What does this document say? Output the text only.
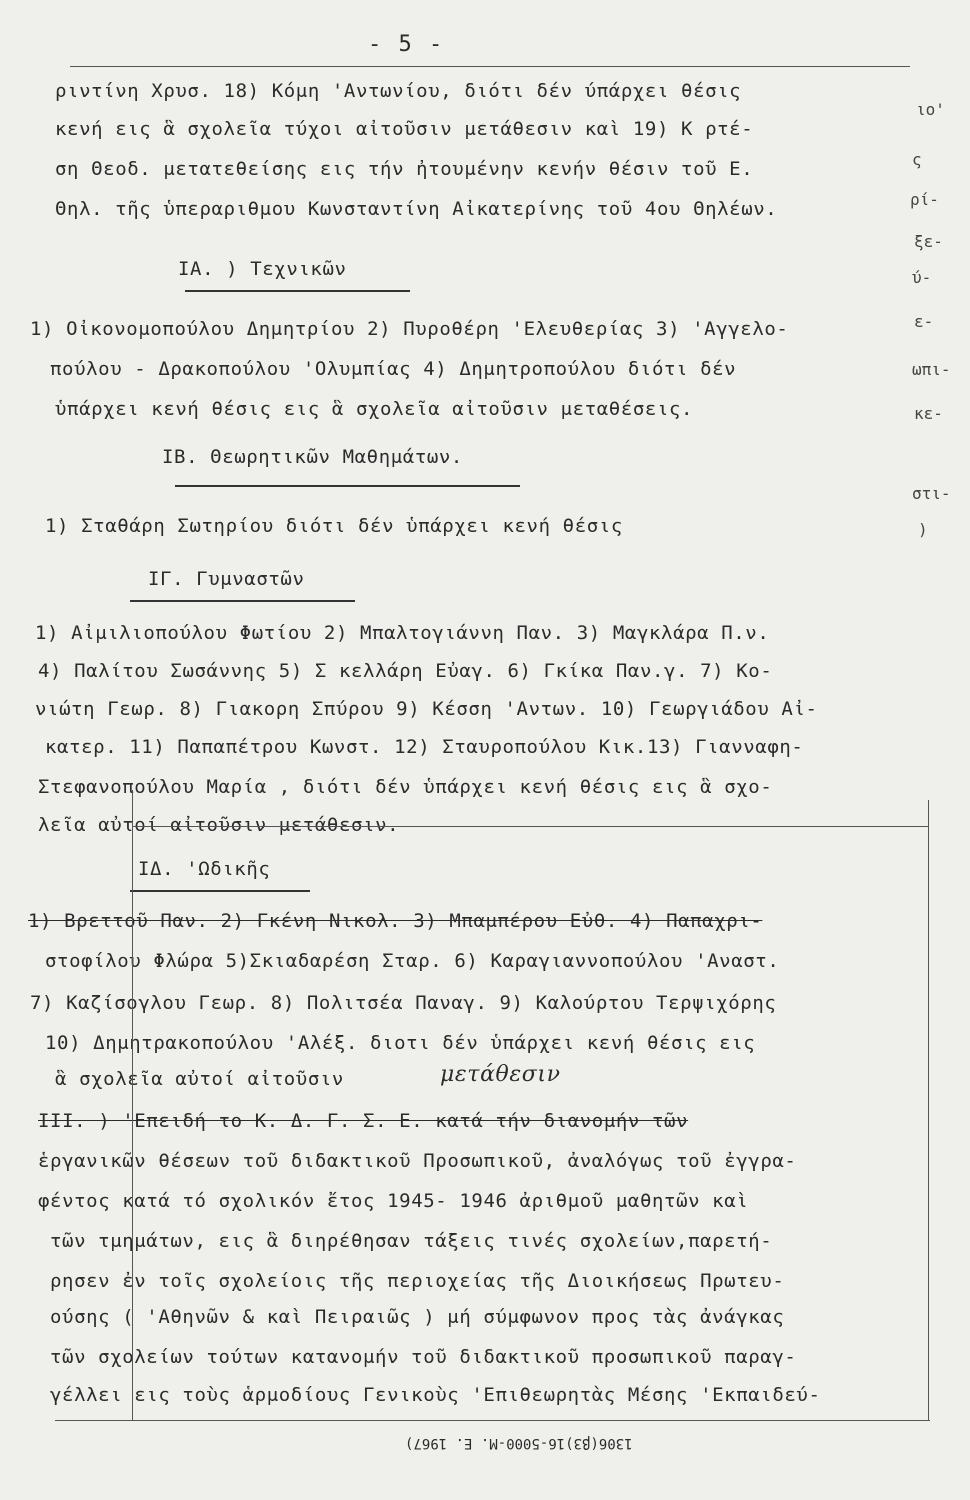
- 5 -
ριντίνη Χρυσ. 18) Κόμη 'Αντωνίου, διότι δέν ύπάρχει θέσις
κενή εις ἃ σχολεῖα τύχοι αἰτοῦσιν μετάθεσιν καὶ 19) Κ ρτέ-
ση Θεοδ. μετατεθείσης εις τήν ἠτουμένην κενήν θέσιν τοῦ Ε.
Θηλ. τῆς ὑπεραριθμου Κωνσταντίνη Αἰκατερίνης τοῦ 4ου Θηλέων.
ΙΑ. ) Τεχνικῶν
1) Οἰκονομοπούλου Δημητρίου 2) Πυροθέρη 'Ελευθερίας 3) 'Αγγελο-
πούλου - Δρακοπούλου 'Ολυμπίας 4) Δημητροπούλου διότι δέν
ὑπάρχει κενή θέσις εις ἃ σχολεῖα αἰτοῦσιν μεταθέσεις.
ΙΒ. Θεωρητικῶν Μαθημάτων.
1) Σταθάρη Σωτηρίου διότι δέν ὑπάρχει κενή θέσις
ΙΓ. Γυμναστῶν
1) Αἰμιλιοπούλου Φωτίου 2) Μπαλτογιάννη Παν. 3) Μαγκλάρα Π.ν.
4) Παλίτου Σωσάννης 5) Σ κελλάρη Εὐαγ. 6) Γκίκα Παν.γ. 7) Κο-
νιώτη Γεωρ. 8) Γιακορη Σπύρου 9) Κέσση 'Αντων. 10) Γεωργιάδου Αἰ-
κατερ. 11) Παπαπέτρου Κωνστ. 12) Σταυροπούλου Κικ.13) Γιανναφη-
Στεφανοπούλου Μαρία , διότι δέν ὑπάρχει κενή θέσις εις ἃ σχο-
λεῖα αὐτοί αἰτοῦσιν μετάθεσιν.
ΙΔ. 'Ωδικῆς
1) Βρεττοῦ Παν. 2) Γκένη Νικολ. 3) Μπαμπέρου Εὐθ. 4) Παπαχρι-
στοφίλου Φλώρα 5)Σκιαδαρέση Σταρ. 6) Καραγιαννοπούλου 'Αναστ.
7) Καζίσογλου Γεωρ. 8) Πολιτσέα Παναγ. 9) Καλούρτου Τερψιχόρης
10) Δημητρακοπούλου 'Αλέξ. διοτι δέν ὑπάρχει κενή θέσις εις
ἃ σχολεῖα αὐτοί αἰτοῦσιν	μετάθεσιν
III. ) 'Επειδή το Κ. Δ. Γ. Σ. Ε. κατά τήν διανομήν τῶν
ἑργανικῶν θέσεων τοῦ διδακτικοῦ Προσωπικοῦ, ἀναλόγως τοῦ ἐγγρα-
φέντος κατά τό σχολικόν ἔτος 1945- 1946 ἀριθμοῦ μαθητῶν καὶ
τῶν τμημάτων, εις ἃ διηρέθησαν τάξεις τινές σχολείων,παρετή-
ρησεν ἐν τοῖς σχολείοις τῆς περιοχείας τῆς Διοικήσεως Πρωτευ-
ούσης ( 'Αθηνῶν & καὶ Πειραιῶς ) μή σύμφωνον προς τὰς ἀνάγκας
τῶν σχολείων τούτων κατανομήν τοῦ διδακτικοῦ προσωπικοῦ παραγ-
γέλλει εις τοὺς ἁρμοδίους Γενικοὺς 'Επιθεωρητὰς Μέσης 'Εκπαιδεύ-
ιο'
ς
ρί-
ξε-
ύ-
ε-
ωπι-
κε-
στι-
)
1306(β3)16-5000-Μ. Ε. 1967)
